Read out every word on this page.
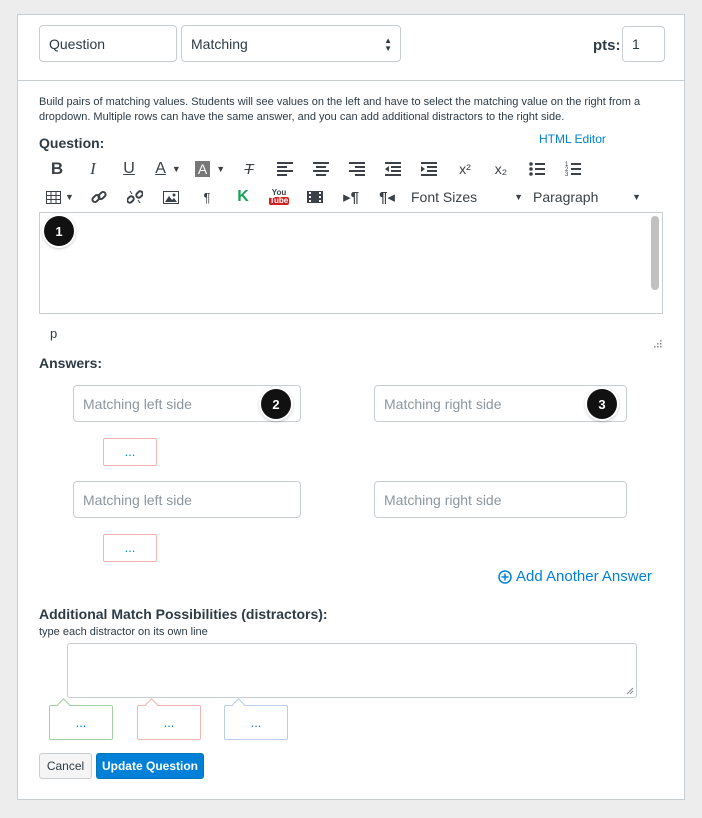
Question	Matching	▲
▼	pts: 1
Build pairs of matching values. Students will see values on the left and have to select the matching value on the right from a dropdown. Multiple rows can have the same answer, and you can add additional distractors to the right side.
Question:	HTML Editor
B	I	U	A ▼ A	▼	T	x²	x₂	1
2
3
▼	¶	K	You
Tube	▸¶	¶◂	Font Sizes	▼ Paragraph	▼
1
p
Answers:
Matching left side	2	Matching right side	3
...
Matching left side	Matching right side
...
Add Another Answer
Additional Match Possibilities (distractors):
type each distractor on its own line
...	...	...
Cancel	Update Question
